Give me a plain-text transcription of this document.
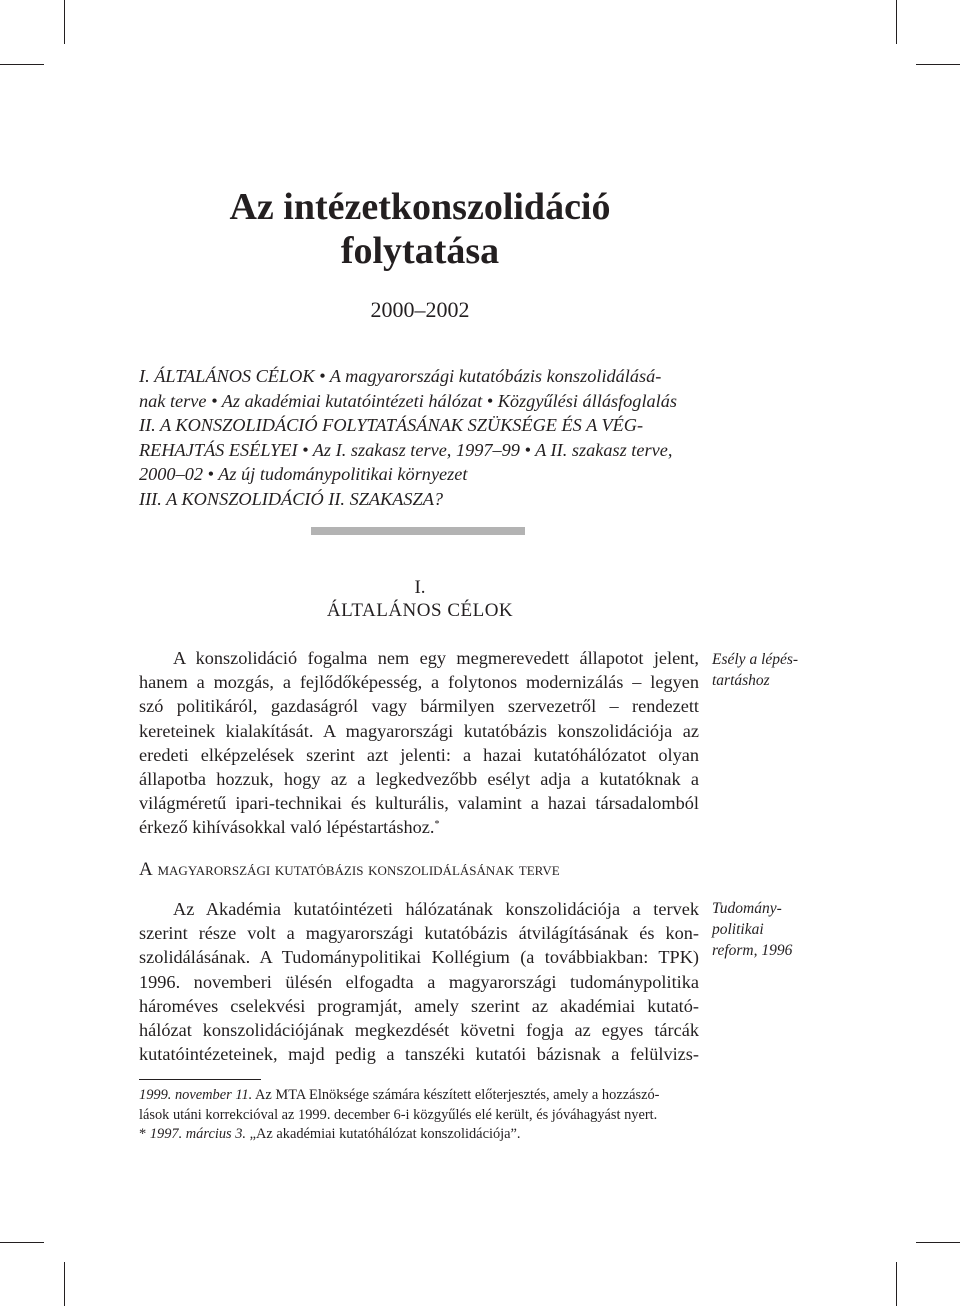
Az intézetkonszolidáció
folytatása
2000–2002
I. ÁLTALÁNOS CÉLOK • A magyarországi kutatóbázis konszolidálásá-
nak terve • Az akadémiai kutatóintézeti hálózat • Közgyűlési állásfoglalás
II. A KONSZOLIDÁCIÓ FOLYTATÁSÁNAK SZÜKSÉGE ÉS A VÉG-
REHAJTÁS ESÉLYEI • Az I. szakasz terve, 1997–99 • A II. szakasz terve,
2000–02 • Az új tudománypolitikai környezet
III. A KONSZOLIDÁCIÓ II. SZAKASZA?
I.
ÁLTALÁNOS CÉLOK
A konszolidáció fogalma nem egy megmerevedett állapotot jelent,
hanem a mozgás, a fejlődőképesség, a folytonos modernizálás – legyen
szó politikáról, gazdaságról vagy bármilyen szervezetről – rendezett
kereteinek kialakítását. A magyarországi kutatóbázis konszolidációja az
eredeti elképzelések szerint azt jelenti: a hazai kutatóhálózatot olyan
állapotba hozzuk, hogy az a legkedvezőbb esélyt adja a kutatóknak a
világméretű ipari-technikai és kulturális, valamint a hazai társadalomból
érkező kihívásokkal való lépéstartáshoz.*
Esély a lépés-
tartáshoz
A magyarországi kutatóbázis konszolidálásának terve
Az Akadémia kutatóintézeti hálózatának konszolidációja a tervek
szerint része volt a magyarországi kutatóbázis átvilágításának és kon-
szolidálásának. A Tudománypolitikai Kollégium (a továbbiakban: TPK)
1996. novemberi ülésén elfogadta a magyarországi tudománypolitika
hároméves cselekvési programját, amely szerint az akadémiai kutató-
hálózat konszolidációjának megkezdését követni fogja az egyes tárcák
kutatóintézeteinek, majd pedig a tanszéki kutatói bázisnak a felülvizs-
Tudomány-
politikai
reform, 1996
1999. november 11. Az MTA Elnöksége számára készített előterjesztés, amely a hozzászó-
lások utáni korrekcióval az 1999. december 6-i közgyűlés elé került, és jóváhagyást nyert.
* 1997. március 3. „Az akadémiai kutatóhálózat konszolidációja”.
